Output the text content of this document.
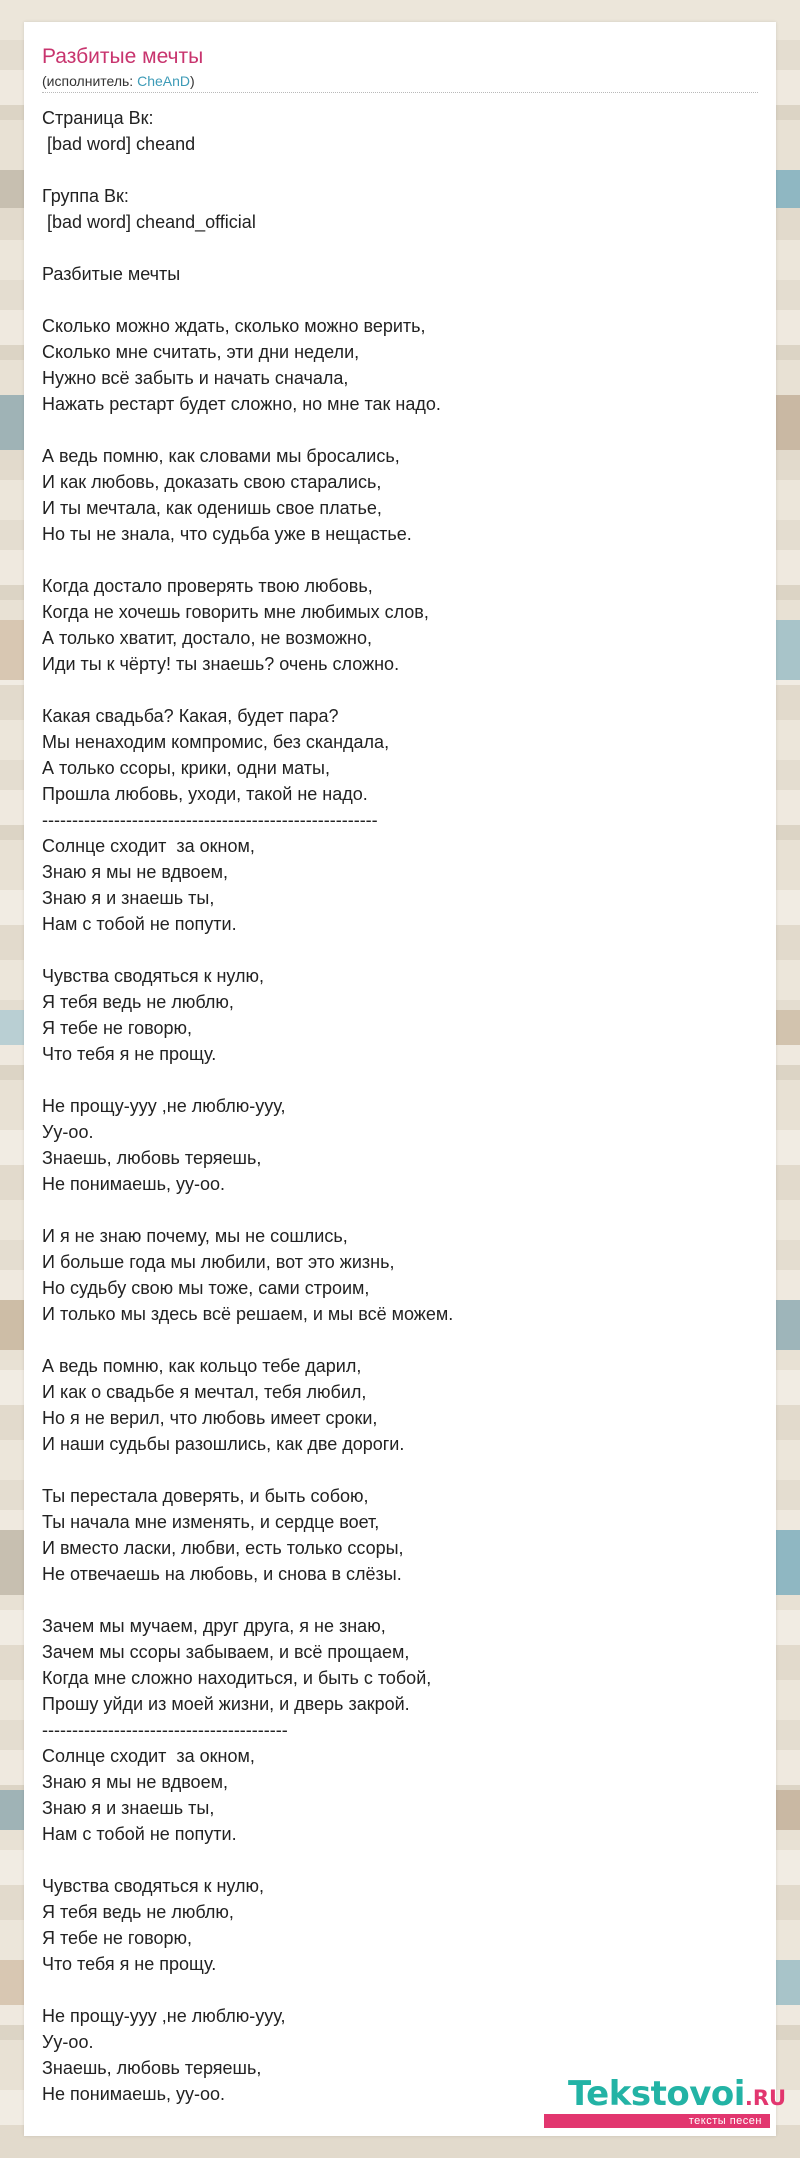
Разбитые мечты
(исполнитель: CheAnD)
Страница Вк:
[bad word] cheand

Группа Вк:
[bad word] cheand_official

Разбитые мечты

Сколько можно ждать, сколько можно верить,
Сколько мне считать, эти дни недели,
Нужно всё забыть и начать сначала,
Нажать рестарт будет сложно, но мне так надо.

А ведь помню, как словами мы бросались,
И как любовь, доказать свою старались,
И ты мечтала, как оденишь свое платье,
Но ты не знала, что судьба уже в нещастье.

Когда достало проверять твою любовь,
Когда не хочешь говорить мне любимых слов,
А только хватит, достало, не возможно,
Иди ты к чёрту! ты знаешь? очень сложно.

Какая свадьба? Какая, будет пара?
Мы ненаходим компромис, без скандала,
А только ссоры, крики, одни маты,
Прошла любовь, уходи, такой не надо.
--------------------------------------------------------
Солнце сходит  за окном,
Знаю я мы не вдвоем,
Знаю я и знаешь ты,
Нам с тобой не попути.

Чувства сводяться к нулю,
Я тебя ведь не люблю,
Я тебе не говорю,
Что тебя я не прощу.

Не прощу-ууу ,не люблю-ууу,
Уу-оо.
Знаешь, любовь теряешь,
Не понимаешь, уу-оо.

И я не знаю почему, мы не сошлись,
И больше года мы любили, вот это жизнь,
Но судьбу свою мы тоже, сами строим,
И только мы здесь всё решаем, и мы всё можем.

А ведь помню, как кольцо тебе дарил,
И как о свадьбе я мечтал, тебя любил,
Но я не верил, что любовь имеет сроки,
И наши судьбы разошлись, как две дороги.

Ты перестала доверять, и быть собою,
Ты начала мне изменять, и сердце воет,
И вместо ласки, любви, есть только ссоры,
Не отвечаешь на любовь, и снова в слёзы.

Зачем мы мучаем, друг друга, я не знаю,
Зачем мы ссоры забываем, и всё прощаем,
Когда мне сложно находиться, и быть с тобой,
Прошу уйди из моей жизни, и дверь закрой.
-----------------------------------------
Солнце сходит  за окном,
Знаю я мы не вдвоем,
Знаю я и знаешь ты,
Нам с тобой не попути.

Чувства сводяться к нулю,
Я тебя ведь не люблю,
Я тебе не говорю,
Что тебя я не прощу.

Не прощу-ууу ,не люблю-ууу,
Уу-оо.
Знаешь, любовь теряешь,
Не понимаешь, уу-оо.	Tekstovoi.RU
тексты песен
